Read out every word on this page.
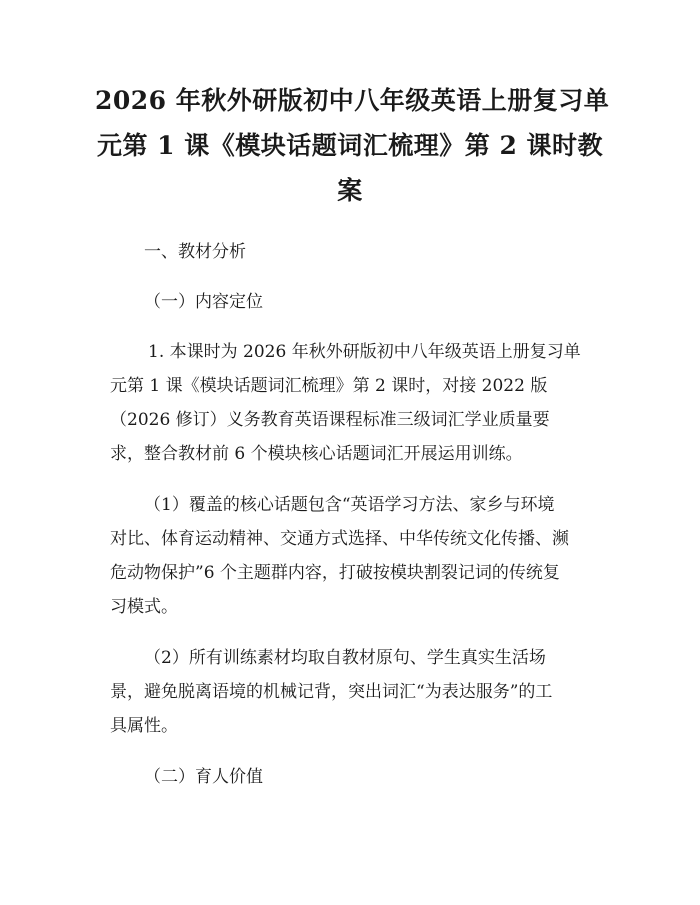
2026 年秋外研版初中八年级英语上册复习单
元第 1 课《模块话题词汇梳理》第 2 课时教
案

一、教材分析

（一）内容定位

1. 本课时为 2026 年秋外研版初中八年级英语上册复习单
元第 1 课《模块话题词汇梳理》第 2 课时，对接 2022 版
（2026 修订）义务教育英语课程标准三级词汇学业质量要
求，整合教材前 6 个模块核心话题词汇开展运用训练。

（1）覆盖的核心话题包含“英语学习方法、家乡与环境
对比、体育运动精神、交通方式选择、中华传统文化传播、濒
危动物保护”6 个主题群内容，打破按模块割裂记词的传统复
习模式。

（2）所有训练素材均取自教材原句、学生真实生活场
景，避免脱离语境的机械记背，突出词汇“为表达服务”的工
具属性。

（二）育人价值
